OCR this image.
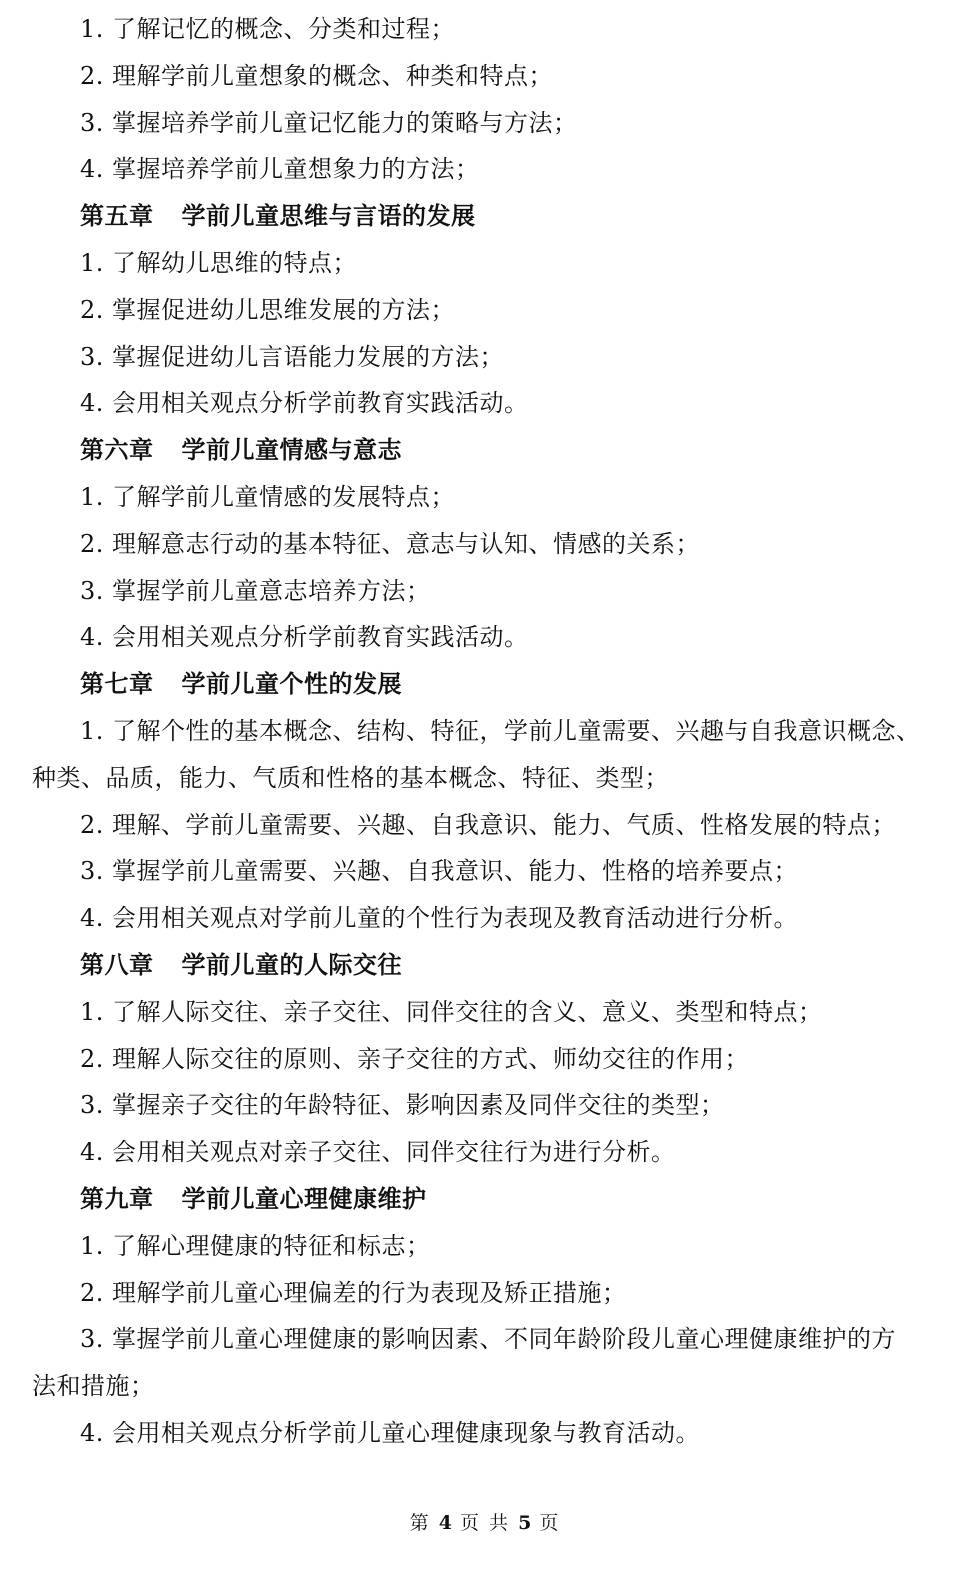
1. 了解记忆的概念、分类和过程；
2. 理解学前儿童想象的概念、种类和特点；
3. 掌握培养学前儿童记忆能力的策略与方法；
4. 掌握培养学前儿童想象力的方法；
第五章 学前儿童思维与言语的发展
1. 了解幼儿思维的特点；
2. 掌握促进幼儿思维发展的方法；
3. 掌握促进幼儿言语能力发展的方法；
4. 会用相关观点分析学前教育实践活动。
第六章 学前儿童情感与意志
1. 了解学前儿童情感的发展特点；
2. 理解意志行动的基本特征、意志与认知、情感的关系；
3. 掌握学前儿童意志培养方法；
4. 会用相关观点分析学前教育实践活动。
第七章 学前儿童个性的发展
1. 了解个性的基本概念、结构、特征，学前儿童需要、兴趣与自我意识概念、
种类、品质，能力、气质和性格的基本概念、特征、类型；
2. 理解、学前儿童需要、兴趣、自我意识、能力、气质、性格发展的特点；
3. 掌握学前儿童需要、兴趣、自我意识、能力、性格的培养要点；
4. 会用相关观点对学前儿童的个性行为表现及教育活动进行分析。
第八章 学前儿童的人际交往
1. 了解人际交往、亲子交往、同伴交往的含义、意义、类型和特点；
2. 理解人际交往的原则、亲子交往的方式、师幼交往的作用；
3. 掌握亲子交往的年龄特征、影响因素及同伴交往的类型；
4. 会用相关观点对亲子交往、同伴交往行为进行分析。
第九章 学前儿童心理健康维护
1. 了解心理健康的特征和标志；
2. 理解学前儿童心理偏差的行为表现及矫正措施；
3. 掌握学前儿童心理健康的影响因素、不同年龄阶段儿童心理健康维护的方
法和措施；
4. 会用相关观点分析学前儿童心理健康现象与教育活动。
第 4 页 共 5 页
